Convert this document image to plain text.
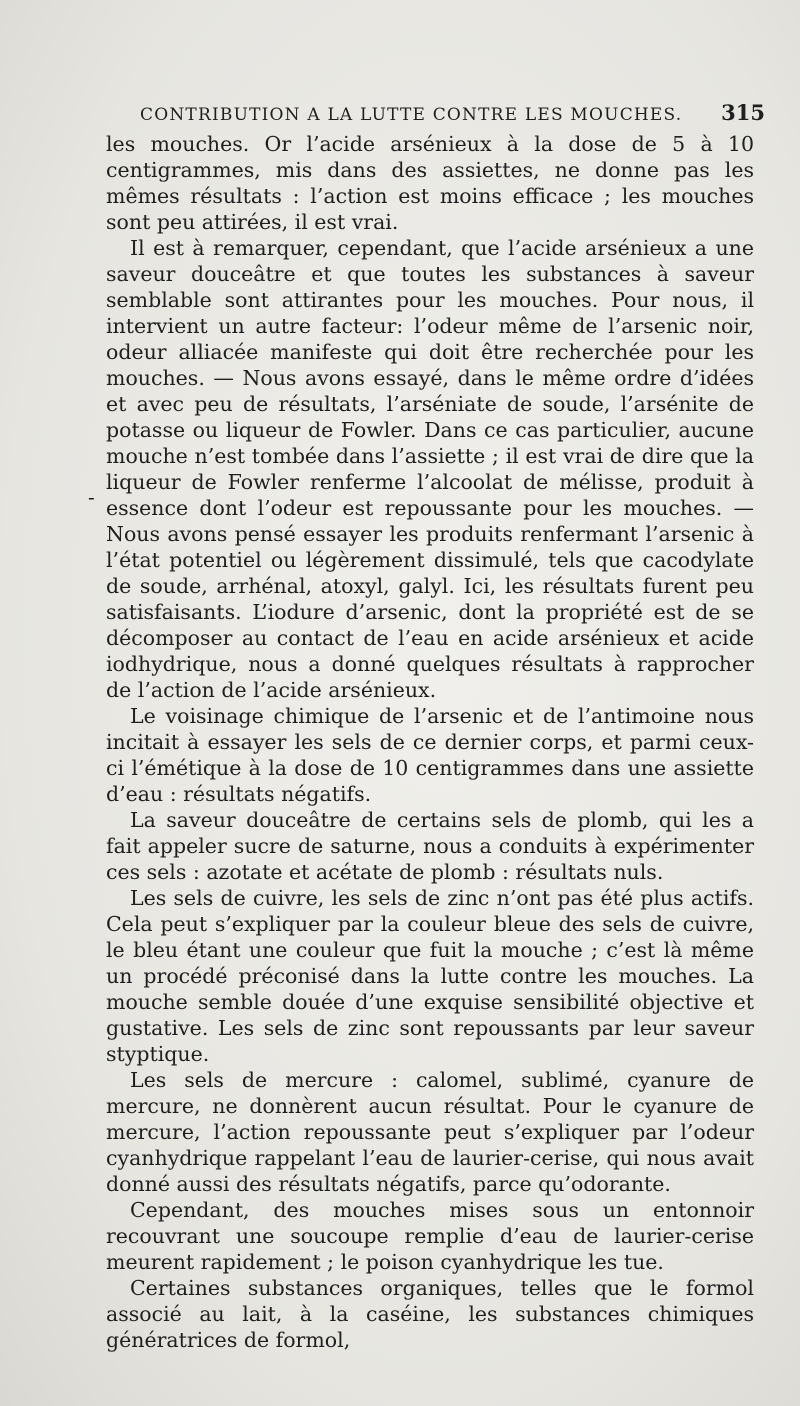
CONTRIBUTION A LA LUTTE CONTRE LES MOUCHES. 315
-

les mouches. Or l’acide arsénieux à la dose de 5 à 10 centigrammes, mis dans des assiettes, ne donne pas les mêmes résultats : l’action est moins efficace ; les mouches sont peu attirées, il est vrai.

Il est à remarquer, cependant, que l’acide arsénieux a une saveur douceâtre et que toutes les substances à saveur semblable sont attirantes pour les mouches. Pour nous, il intervient un autre facteur: l’odeur même de l’arsenic noir, odeur alliacée manifeste qui doit être recherchée pour les mouches. — Nous avons essayé, dans le même ordre d’idées et avec peu de résultats, l’arséniate de soude, l’arsénite de potasse ou liqueur de Fowler. Dans ce cas particulier, aucune mouche n’est tombée dans l’assiette ; il est vrai de dire que la liqueur de Fowler renferme l’alcoolat de mélisse, produit à essence dont l’odeur est repoussante pour les mouches. — Nous avons pensé essayer les produits renfermant l’arsenic à l’état potentiel ou légèrement dissimulé, tels que cacodylate de soude, arrhénal, atoxyl, galyl. Ici, les résultats furent peu satisfaisants. L’iodure d’arsenic, dont la propriété est de se décomposer au contact de l’eau en acide arsénieux et acide iodhydrique, nous a donné quelques résultats à rapprocher de l’action de l’acide arsénieux.

Le voisinage chimique de l’arsenic et de l’antimoine nous incitait à essayer les sels de ce dernier corps, et parmi ceux-ci l’émétique à la dose de 10 centigrammes dans une assiette d’eau : résultats négatifs.

La saveur douceâtre de certains sels de plomb, qui les a fait appeler sucre de saturne, nous a conduits à expérimenter ces sels : azotate et acétate de plomb : résultats nuls.

Les sels de cuivre, les sels de zinc n’ont pas été plus actifs. Cela peut s’expliquer par la couleur bleue des sels de cuivre, le bleu étant une couleur que fuit la mouche ; c’est là même un procédé préconisé dans la lutte contre les mouches. La mouche semble douée d’une exquise sensibilité objective et gustative. Les sels de zinc sont repoussants par leur saveur styptique.

Les sels de mercure : calomel, sublimé, cyanure de mercure, ne donnèrent aucun résultat. Pour le cyanure de mercure, l’action repoussante peut s’expliquer par l’odeur cyanhydrique rappelant l’eau de laurier-cerise, qui nous avait donné aussi des résultats négatifs, parce qu’odorante.

Cependant, des mouches mises sous un entonnoir recouvrant une soucoupe remplie d’eau de laurier-cerise meurent rapidement ; le poison cyanhydrique les tue.

Certaines substances organiques, telles que le formol associé au lait, à la caséine, les substances chimiques génératrices de formol,
